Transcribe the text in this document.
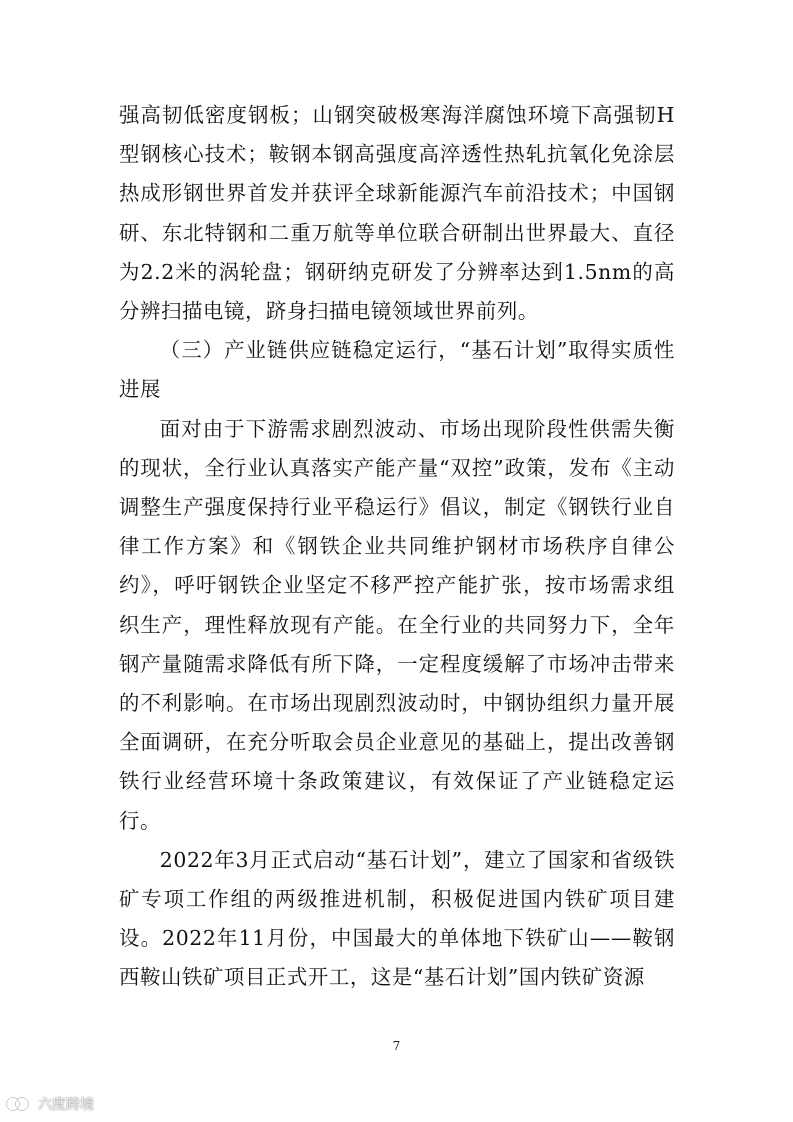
强高韧低密度钢板；山钢突破极寒海洋腐蚀环境下高强韧H型钢核心技术；鞍钢本钢高强度高淬透性热轧抗氧化免涂层热成形钢世界首发并获评全球新能源汽车前沿技术；中国钢研、东北特钢和二重万航等单位联合研制出世界最大、直径为2.2米的涡轮盘；钢研纳克研发了分辨率达到1.5nm的高分辨扫描电镜，跻身扫描电镜领域世界前列。

（三）产业链供应链稳定运行，“基石计划”取得实质性进展

面对由于下游需求剧烈波动、市场出现阶段性供需失衡的现状，全行业认真落实产能产量“双控”政策，发布《主动调整生产强度保持行业平稳运行》倡议，制定《钢铁行业自律工作方案》和《钢铁企业共同维护钢材市场秩序自律公约》，呼吁钢铁企业坚定不移严控产能扩张，按市场需求组织生产，理性释放现有产能。在全行业的共同努力下，全年钢产量随需求降低有所下降，一定程度缓解了市场冲击带来的不利影响。在市场出现剧烈波动时，中钢协组织力量开展全面调研，在充分听取会员企业意见的基础上，提出改善钢铁行业经营环境十条政策建议，有效保证了产业链稳定运行。

2022年3月正式启动“基石计划”，建立了国家和省级铁矿专项工作组的两级推进机制，积极促进国内铁矿项目建设。2022年11月份，中国最大的单体地下铁矿山——鞍钢西鞍山铁矿项目正式开工，这是“基石计划”国内铁矿资源

7
六度跨境
